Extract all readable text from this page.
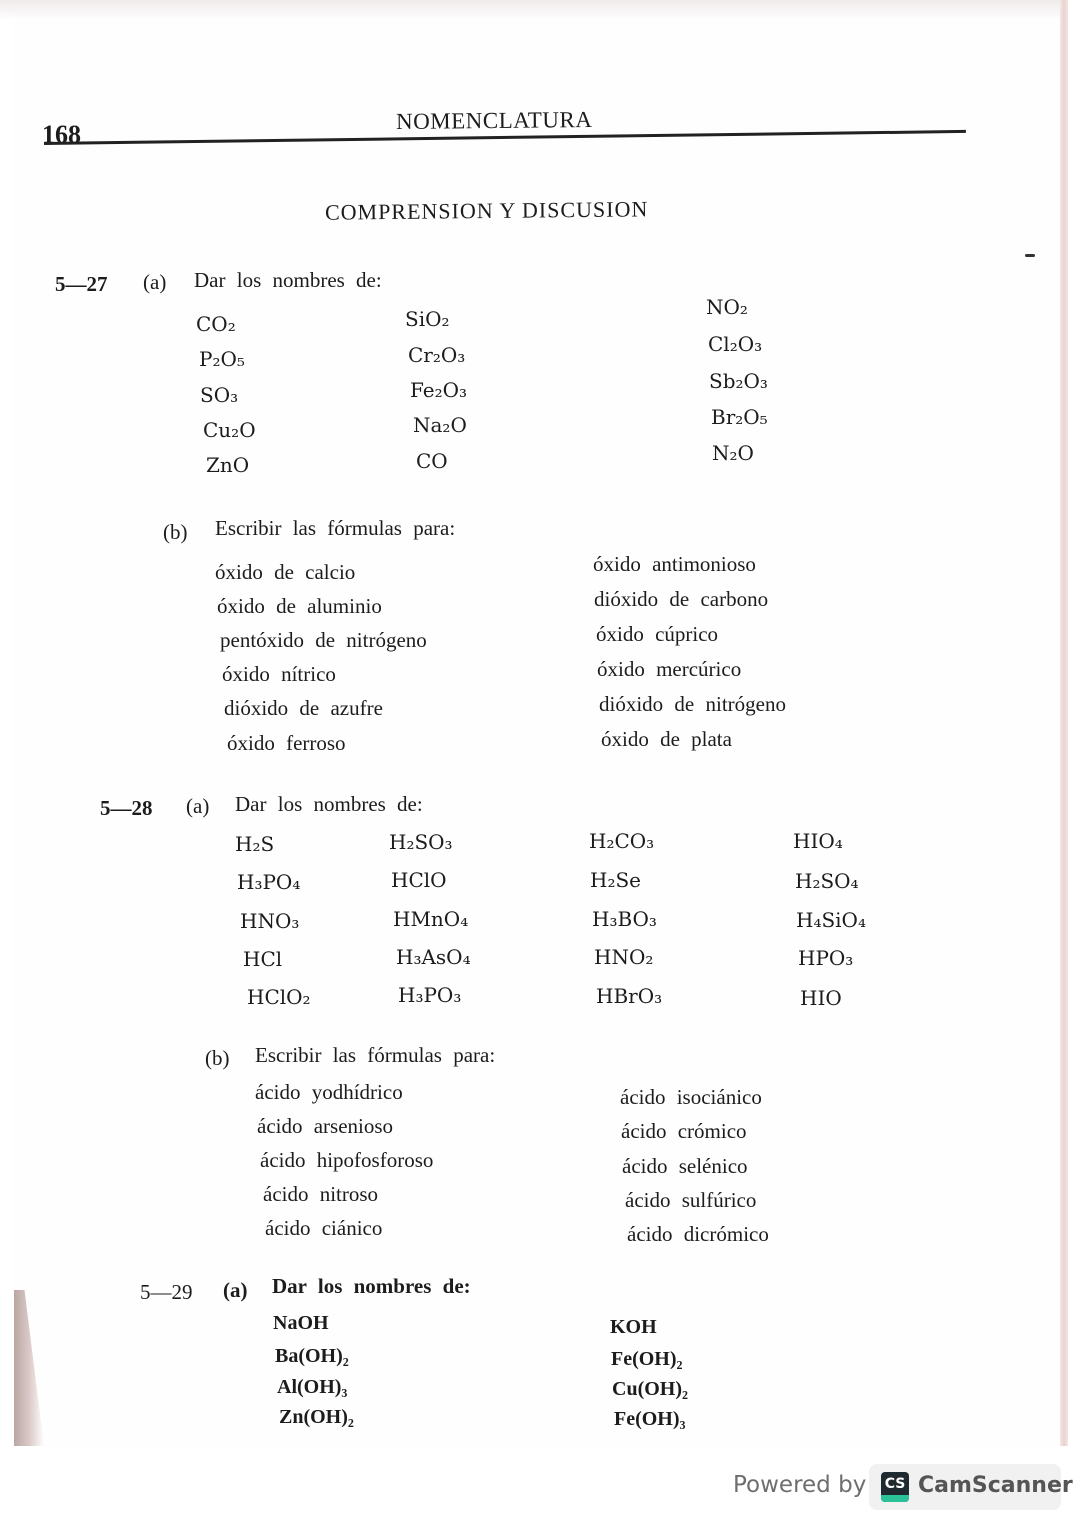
168	NOMENCLATURA
COMPRENSION Y DISCUSION
5—27 (a) Dar los nombres de:
CO₂
P₂O₅
SO₃
Cu₂O
ZnO
SiO₂
Cr₂O₃
Fe₂O₃
Na₂O
CO
NO₂
Cl₂O₃
Sb₂O₃
Br₂O₅
N₂O
(b) Escribir las fórmulas para:
óxido de calcio
óxido de aluminio
pentóxido de nitrógeno
óxido nítrico
dióxido de azufre
óxido ferroso
óxido antimonioso
dióxido de carbono
óxido cúprico
óxido mercúrico
dióxido de nitrógeno
óxido de plata
5—28 (a) Dar los nombres de:
H₂S
H₃PO₄
HNO₃
HCl
HClO₂
H₂SO₃
HClO
HMnO₄
H₃AsO₄
H₃PO₃
H₂CO₃
H₂Se
H₃BO₃
HNO₂
HBrO₃
HIO₄
H₂SO₄
H₄SiO₄
HPO₃
HIO
(b) Escribir las fórmulas para:
ácido yodhídrico
ácido arsenioso
ácido hipofosforoso
ácido nitroso
ácido ciánico
ácido isociánico
ácido crómico
ácido selénico
ácido sulfúrico
ácido dicrómico
5—29 (a) Dar los nombres de:
NaOH
Ba(OH)₂
Al(OH)₃
Zn(OH)₂
KOH
Fe(OH)₂
Cu(OH)₂
Fe(OH)₃
Powered by CS CamScanner
